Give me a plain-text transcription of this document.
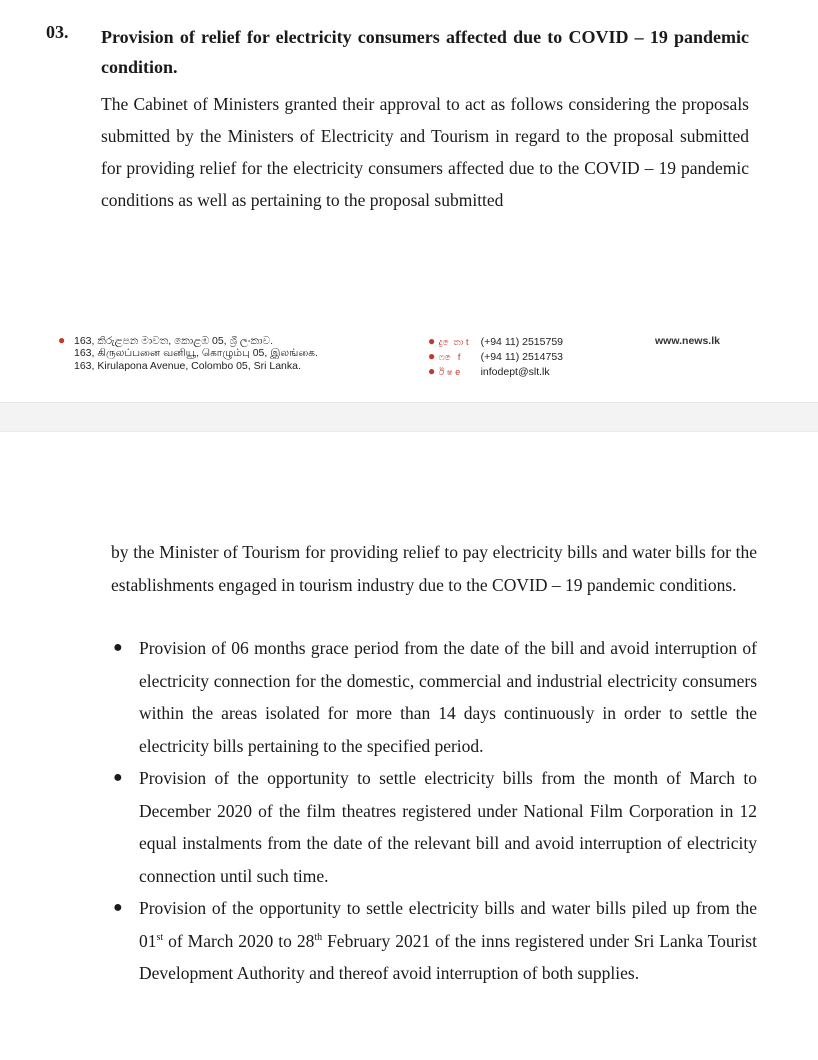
03. Provision of relief for electricity consumers affected due to COVID – 19 pandemic condition.
The Cabinet of Ministers granted their approval to act as follows considering the proposals submitted by the Ministers of Electricity and Tourism in regard to the proposal submitted for providing relief for the electricity consumers affected due to the COVID – 19 pandemic conditions as well as pertaining to the proposal submitted
● 163, කිරුළපන මාවත, කොළඹ 05, ශ්‍රී ලංකාව.
163, கிருலப்பனை வனியூ, கொழும்பு 05, இலங்கை.
163, Kirulapona Avenue, Colombo 05, Sri Lanka.
● දු ෙතා t (+94 11) 2515759
● ෆ ෙ f (+94 11) 2514753
● ඊ ෂ e infodept@slt.lk
www.news.lk
by the Minister of Tourism for providing relief to pay electricity bills and water bills for the establishments engaged in tourism industry due to the COVID – 19 pandemic conditions.
● Provision of 06 months grace period from the date of the bill and avoid interruption of electricity connection for the domestic, commercial and industrial electricity consumers within the areas isolated for more than 14 days continuously in order to settle the electricity bills pertaining to the specified period.
● Provision of the opportunity to settle electricity bills from the month of March to December 2020 of the film theatres registered under National Film Corporation in 12 equal instalments from the date of the relevant bill and avoid interruption of electricity connection until such time.
● Provision of the opportunity to settle electricity bills and water bills piled up from the 01st of March 2020 to 28th February 2021 of the inns registered under Sri Lanka Tourist Development Authority and thereof avoid interruption of both supplies.
